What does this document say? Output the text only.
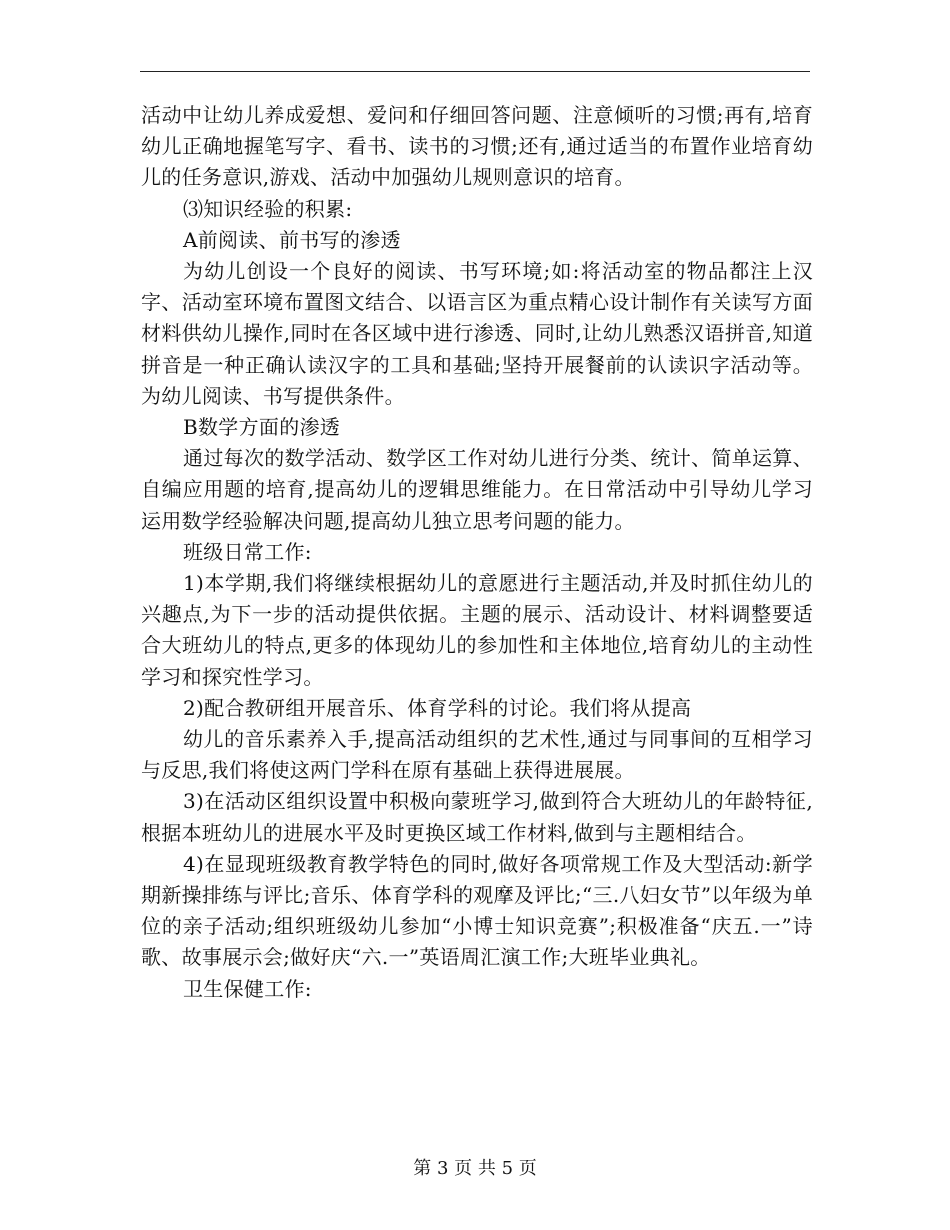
活动中让幼儿养成爱想、爱问和仔细回答问题、注意倾听的习惯;再有,培育幼儿正确地握笔写字、看书、读书的习惯;还有,通过适当的布置作业培育幼儿的任务意识,游戏、活动中加强幼儿规则意识的培育。

⑶知识经验的积累:

A前阅读、前书写的渗透

为幼儿创设一个良好的阅读、书写环境;如:将活动室的物品都注上汉字、活动室环境布置图文结合、以语言区为重点精心设计制作有关读写方面材料供幼儿操作,同时在各区域中进行渗透、同时,让幼儿熟悉汉语拼音,知道拼音是一种正确认读汉字的工具和基础;坚持开展餐前的认读识字活动等。为幼儿阅读、书写提供条件。

B数学方面的渗透

通过每次的数学活动、数学区工作对幼儿进行分类、统计、简单运算、自编应用题的培育,提高幼儿的逻辑思维能力。在日常活动中引导幼儿学习运用数学经验解决问题,提高幼儿独立思考问题的能力。

班级日常工作:

1)本学期,我们将继续根据幼儿的意愿进行主题活动,并及时抓住幼儿的兴趣点,为下一步的活动提供依据。主题的展示、活动设计、材料调整要适合大班幼儿的特点,更多的体现幼儿的参加性和主体地位,培育幼儿的主动性学习和探究性学习。

2)配合教研组开展音乐、体育学科的讨论。我们将从提高

幼儿的音乐素养入手,提高活动组织的艺术性,通过与同事间的互相学习与反思,我们将使这两门学科在原有基础上获得进展展。

3)在活动区组织设置中积极向蒙班学习,做到符合大班幼儿的年龄特征,根据本班幼儿的进展水平及时更换区域工作材料,做到与主题相结合。

4)在显现班级教育教学特色的同时,做好各项常规工作及大型活动:新学期新操排练与评比;音乐、体育学科的观摩及评比;“三.八妇女节”以年级为单位的亲子活动;组织班级幼儿参加“小博士知识竞赛”;积极准备“庆五.一”诗歌、故事展示会;做好庆“六.一”英语周汇演工作;大班毕业典礼。

卫生保健工作:

第 3 页 共 5 页
